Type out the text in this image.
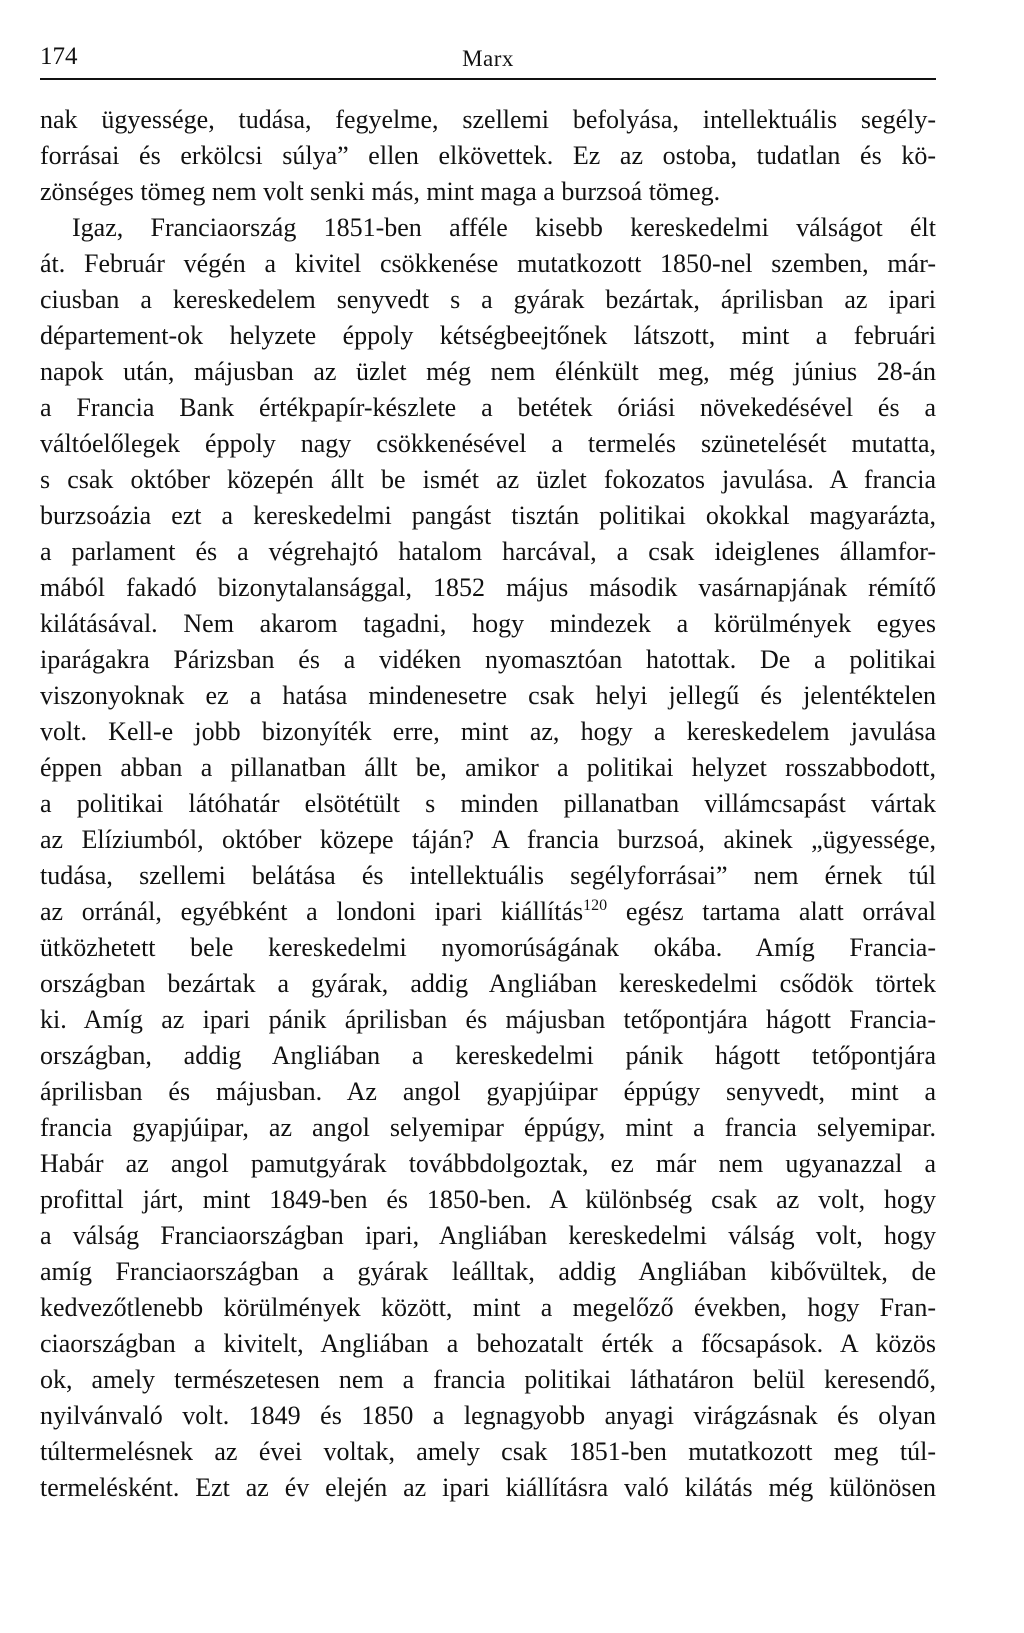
174	Marx
nak ügyessége, tudása, fegyelme, szellemi befolyása, intellektuális segély-
forrásai és erkölcsi súlya” ellen elkövettek. Ez az ostoba, tudatlan és kö-
zönséges tömeg nem volt senki más, mint maga a burzsoá tömeg.
Igaz, Franciaország 1851-ben afféle kisebb kereskedelmi válságot élt
át. Február végén a kivitel csökkenése mutatkozott 1850-nel szemben, már-
ciusban a kereskedelem senyvedt s a gyárak bezártak, áprilisban az ipari
département-ok helyzete éppoly kétségbeejtőnek látszott, mint a februári
napok után, májusban az üzlet még nem élénkült meg, még június 28-án
a Francia Bank értékpapír-készlete a betétek óriási növekedésével és a
váltóelőlegek éppoly nagy csökkenésével a termelés szünetelését mutatta,
s csak október közepén állt be ismét az üzlet fokozatos javulása. A francia
burzsoázia ezt a kereskedelmi pangást tisztán politikai okokkal magyarázta,
a parlament és a végrehajtó hatalom harcával, a csak ideiglenes államfor-
mából fakadó bizonytalansággal, 1852 május második vasárnapjának rémítő
kilátásával. Nem akarom tagadni, hogy mindezek a körülmények egyes
iparágakra Párizsban és a vidéken nyomasztóan hatottak. De a politikai
viszonyoknak ez a hatása mindenesetre csak helyi jellegű és jelentéktelen
volt. Kell-e jobb bizonyíték erre, mint az, hogy a kereskedelem javulása
éppen abban a pillanatban állt be, amikor a politikai helyzet rosszabbodott,
a politikai látóhatár elsötétült s minden pillanatban villámcsapást vártak
az Elíziumból, október közepe táján? A francia burzsoá, akinek „ügyessége,
tudása, szellemi belátása és intellektuális segélyforrásai” nem érnek túl
az orránál, egyébként a londoni ipari kiállítás$^{120}$ egész tartama alatt orrával
ütközhetett bele kereskedelmi nyomorúságának okába. Amíg Francia-
országban bezártak a gyárak, addig Angliában kereskedelmi csődök törtek
ki. Amíg az ipari pánik áprilisban és májusban tetőpontjára hágott Francia-
országban, addig Angliában a kereskedelmi pánik hágott tetőpontjára
áprilisban és májusban. Az angol gyapjúipar éppúgy senyvedt, mint a
francia gyapjúipar, az angol selyemipar éppúgy, mint a francia selyemipar.
Habár az angol pamutgyárak továbbdolgoztak, ez már nem ugyanazzal a
profittal járt, mint 1849-ben és 1850-ben. A különbség csak az volt, hogy
a válság Franciaországban ipari, Angliában kereskedelmi válság volt, hogy
amíg Franciaországban a gyárak leálltak, addig Angliában kibővültek, de
kedvezőtlenebb körülmények között, mint a megelőző években, hogy Fran-
ciaországban a kivitelt, Angliában a behozatalt érték a főcsapások. A közös
ok, amely természetesen nem a francia politikai láthatáron belül keresendő,
nyilvánvaló volt. 1849 és 1850 a legnagyobb anyagi virágzásnak és olyan
túltermelésnek az évei voltak, amely csak 1851-ben mutatkozott meg túl-
termelésként. Ezt az év elején az ipari kiállításra való kilátás még különösen
